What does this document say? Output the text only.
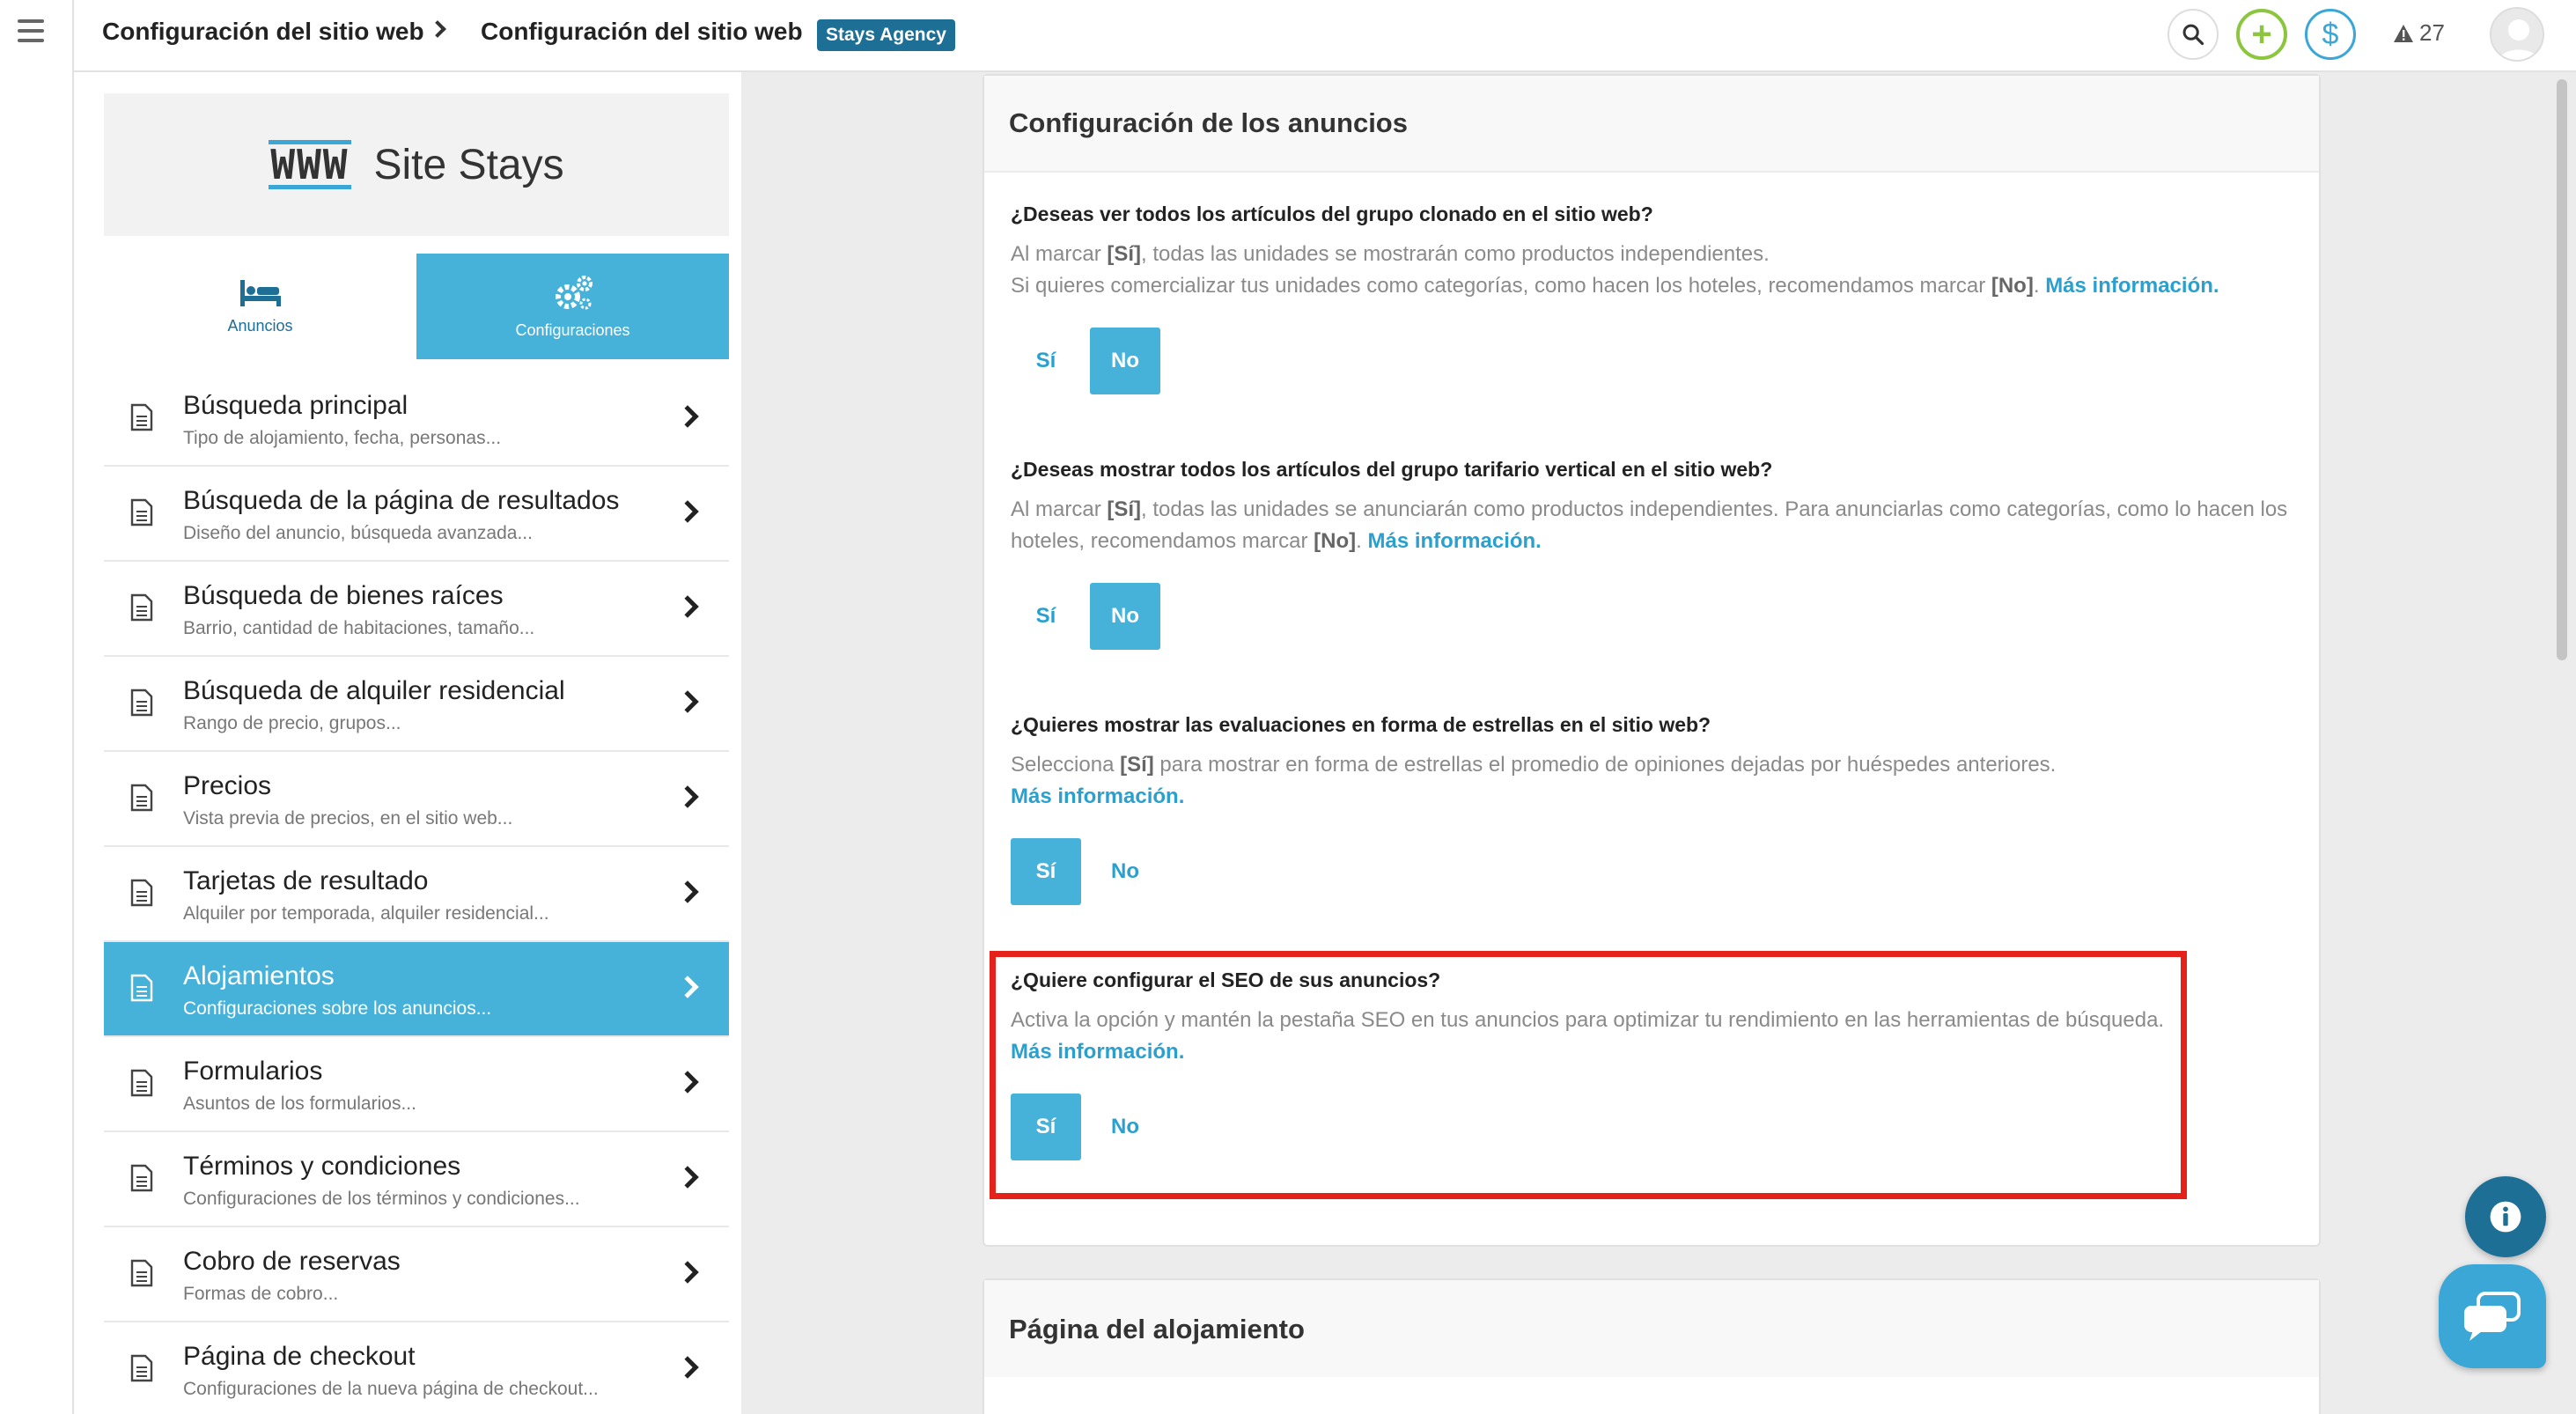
Configuración del sitio web Configuración del sitio web	Stays Agency	+ $	27
WWW Site Stays
Anuncios	Configuraciones
Búsqueda principal
Tipo de alojamiento, fecha, personas...
Búsqueda de la página de resultados
Diseño del anuncio, búsqueda avanzada...
Búsqueda de bienes raíces
Barrio, cantidad de habitaciones, tamaño...
Búsqueda de alquiler residencial
Rango de precio, grupos...
Precios
Vista previa de precios, en el sitio web...
Tarjetas de resultado
Alquiler por temporada, alquiler residencial...
Alojamientos
Configuraciones sobre los anuncios...
Formularios
Asuntos de los formularios...
Términos y condiciones
Configuraciones de los términos y condiciones...
Cobro de reservas
Formas de cobro...
Página de checkout
Configuraciones de la nueva página de checkout...
Configuración de los anuncios
¿Deseas ver todos los artículos del grupo clonado en el sitio web?
Al marcar [Sí], todas las unidades se mostrarán como productos independientes.
Si quieres comercializar tus unidades como categorías, como hacen los hoteles, recomendamos marcar [No]. Más información.
Sí	No
¿Deseas mostrar todos los artículos del grupo tarifario vertical en el sitio web?
Al marcar [Sí], todas las unidades se anunciarán como productos independientes. Para anunciarlas como categorías, como lo hacen los hoteles, recomendamos marcar [No]. Más información.
Sí	No
¿Quieres mostrar las evaluaciones en forma de estrellas en el sitio web?
Selecciona [Sí] para mostrar en forma de estrellas el promedio de opiniones dejadas por huéspedes anteriores.
Más información.
Sí	No
¿Quiere configurar el SEO de sus anuncios?
Activa la opción y mantén la pestaña SEO en tus anuncios para optimizar tu rendimiento en las herramientas de búsqueda.
Más información.
Sí	No
Página del alojamiento
